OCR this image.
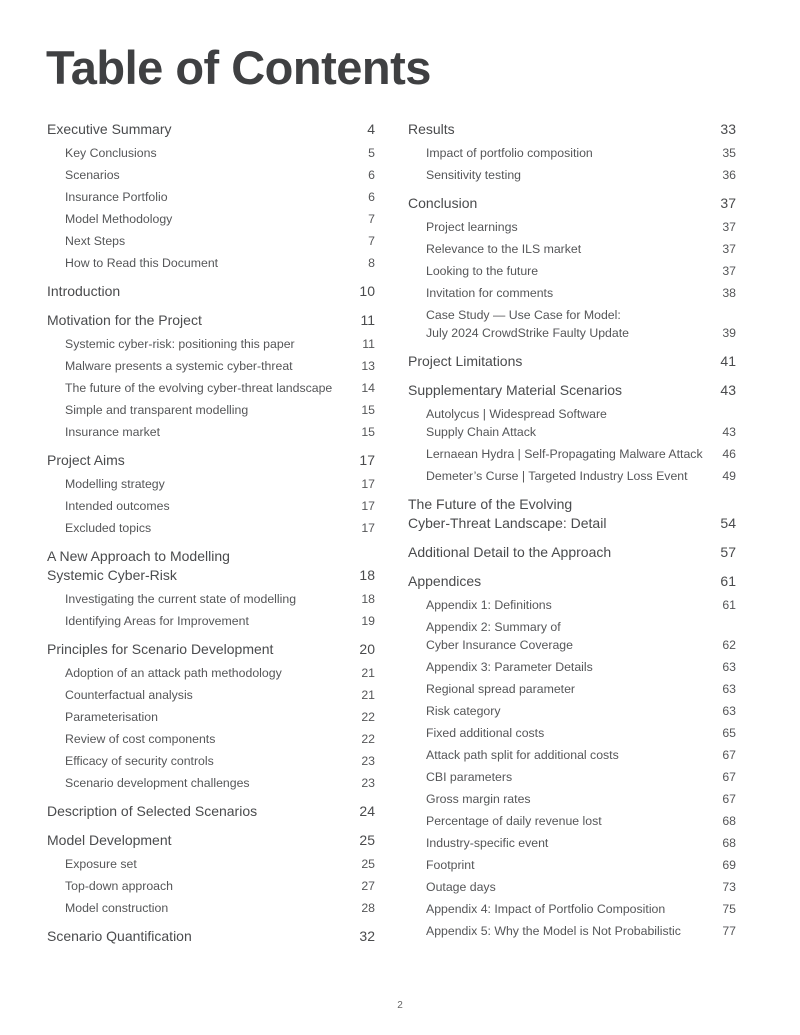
Table of Contents
Executive Summary	4
Key Conclusions	5
Scenarios	6
Insurance Portfolio	6
Model Methodology	7
Next Steps	7
How to Read this Document	8
Introduction	10
Motivation for the Project	11
Systemic cyber-risk: positioning this paper	11
Malware presents a systemic cyber-threat	13
The future of the evolving cyber-threat landscape	14
Simple and transparent modelling	15
Insurance market	15
Project Aims	17
Modelling strategy	17
Intended outcomes	17
Excluded topics	17
A New Approach to Modelling
Systemic Cyber-Risk	18
Investigating the current state of modelling	18
Identifying Areas for Improvement	19
Principles for Scenario Development	20
Adoption of an attack path methodology	21
Counterfactual analysis	21
Parameterisation	22
Review of cost components	22
Efficacy of security controls	23
Scenario development challenges	23
Description of Selected Scenarios	24
Model Development	25
Exposure set	25
Top-down approach	27
Model construction	28
Scenario Quantification	32
Results	33
Impact of portfolio composition	35
Sensitivity testing	36
Conclusion	37
Project learnings	37
Relevance to the ILS market	37
Looking to the future	37
Invitation for comments	38
Case Study — Use Case for Model:
July 2024 CrowdStrike Faulty Update	39
Project Limitations	41
Supplementary Material Scenarios	43
Autolycus | Widespread Software
Supply Chain Attack	43
Lernaean Hydra | Self-Propagating Malware Attack	46
Demeter’s Curse | Targeted Industry Loss Event	49
The Future of the Evolving
Cyber-Threat Landscape: Detail	54
Additional Detail to the Approach	57
Appendices	61
Appendix 1: Definitions	61
Appendix 2: Summary of
Cyber Insurance Coverage	62
Appendix 3: Parameter Details	63
Regional spread parameter	63
Risk category	63
Fixed additional costs	65
Attack path split for additional costs	67
CBI parameters	67
Gross margin rates	67
Percentage of daily revenue lost	68
Industry-specific event	68
Footprint	69
Outage days	73
Appendix 4: Impact of Portfolio Composition	75
Appendix 5: Why the Model is Not Probabilistic	77
2
